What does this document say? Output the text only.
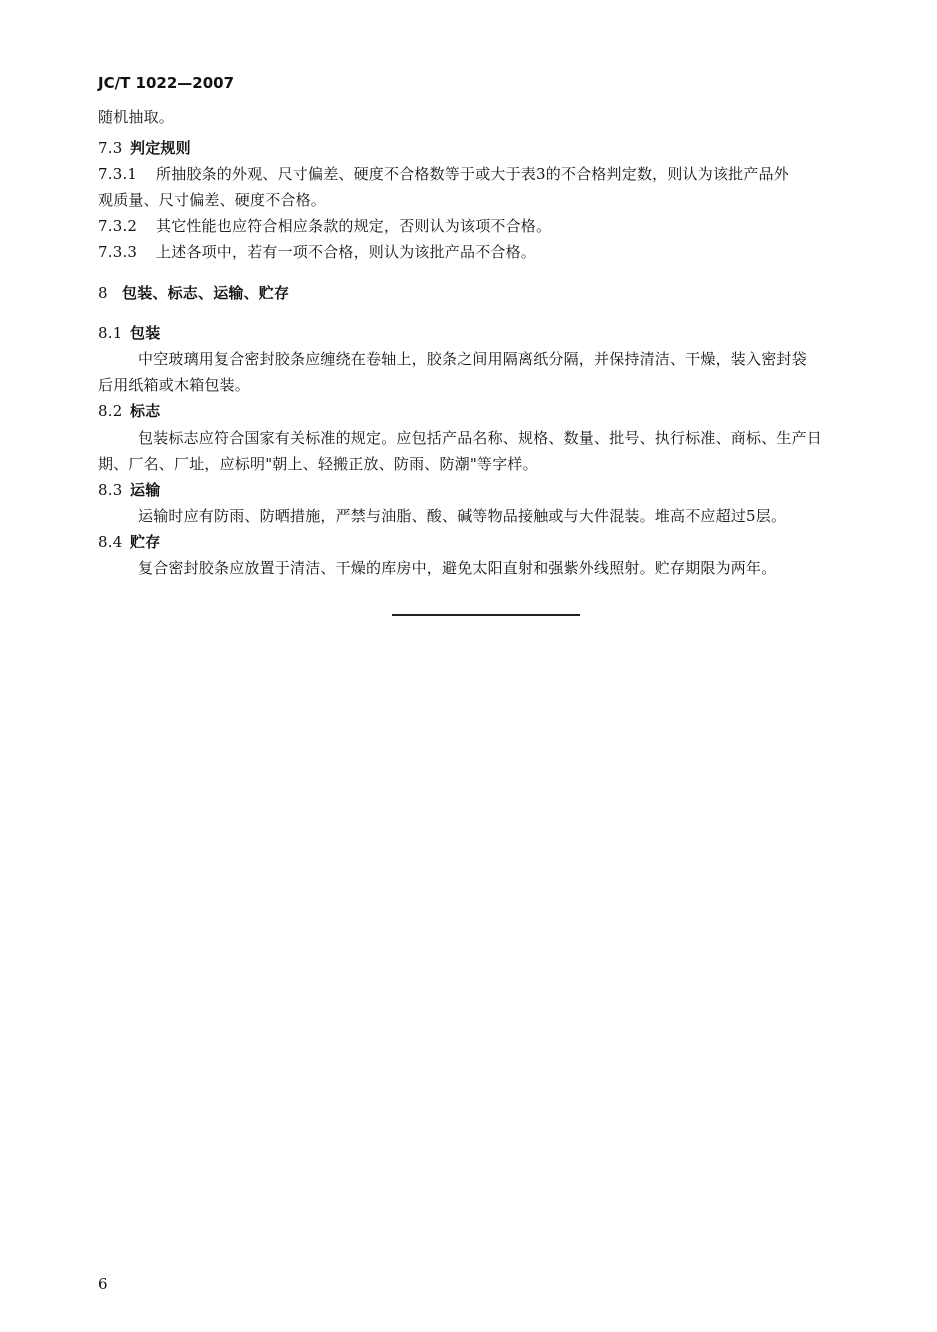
JC/T 1022—2007
随机抽取。
7.3 判定规则
7.3.1 所抽胶条的外观、尺寸偏差、硬度不合格数等于或大于表3的不合格判定数，则认为该批产品外
观质量、尺寸偏差、硬度不合格。
7.3.2 其它性能也应符合相应条款的规定，否则认为该项不合格。
7.3.3 上述各项中，若有一项不合格，则认为该批产品不合格。
8 包装、标志、运输、贮存
8.1 包装
中空玻璃用复合密封胶条应缠绕在卷轴上，胶条之间用隔离纸分隔，并保持清洁、干燥，装入密封袋
后用纸箱或木箱包装。
8.2 标志
包装标志应符合国家有关标准的规定。应包括产品名称、规格、数量、批号、执行标准、商标、生产日
期、厂名、厂址，应标明"朝上、轻搬正放、防雨、防潮"等字样。
8.3 运输
运输时应有防雨、防晒措施，严禁与油脂、酸、碱等物品接触或与大件混装。堆高不应超过5层。
8.4 贮存
复合密封胶条应放置于清洁、干燥的库房中，避免太阳直射和强紫外线照射。贮存期限为两年。
6
